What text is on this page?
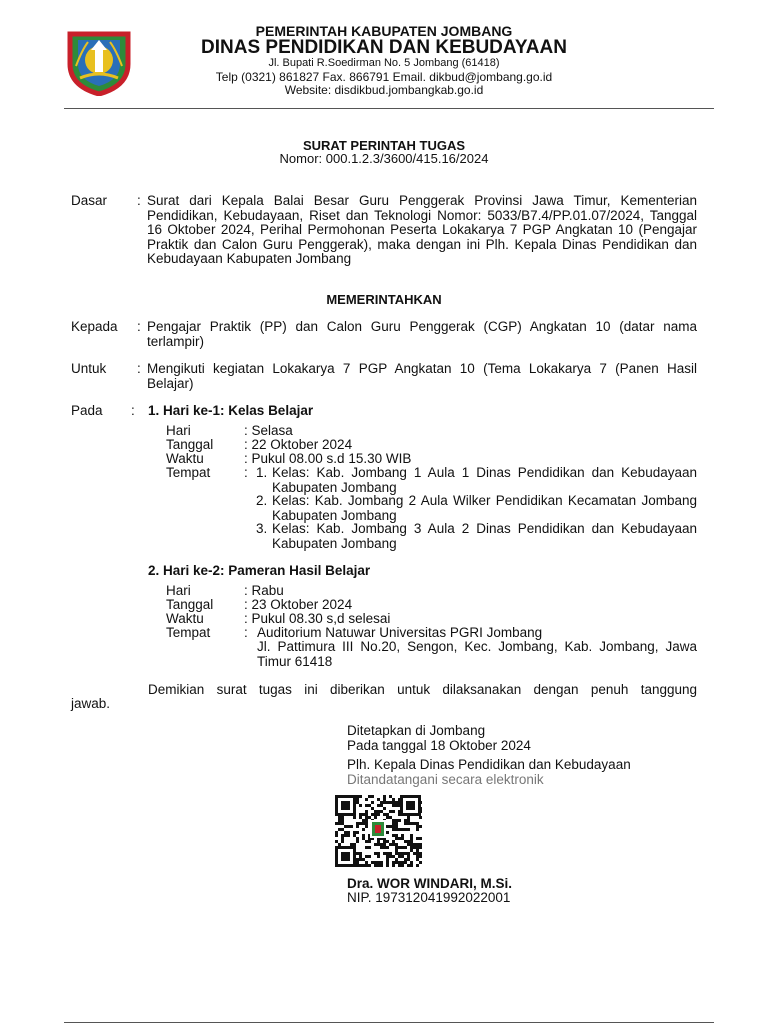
PEMERINTAH KABUPATEN JOMBANG
DINAS PENDIDIKAN DAN KEBUDAYAAN
Jl. Bupati R.Soedirman No. 5 Jombang (61418)
Telp (0321) 861827 Fax. 866791 Email. dikbud@jombang.go.id
Website: disdikbud.jombangkab.go.id
SURAT PERINTAH TUGAS
Nomor: 000.1.2.3/3600/415.16/2024
Dasar : Surat dari Kepala Balai Besar Guru Penggerak Provinsi Jawa Timur, Kementerian Pendidikan, Kebudayaan, Riset dan Teknologi Nomor: 5033/B7.4/PP.01.07/2024, Tanggal 16 Oktober 2024, Perihal Permohonan Peserta Lokakarya 7 PGP Angkatan 10 (Pengajar Praktik dan Calon Guru Penggerak), maka dengan ini Plh. Kepala Dinas Pendidikan dan Kebudayaan Kabupaten Jombang
MEMERINTAHKAN
Kepada : Pengajar Praktik (PP) dan Calon Guru Penggerak (CGP) Angkatan 10 (datar nama terlampir)
Untuk : Mengikuti kegiatan Lokakarya 7 PGP Angkatan 10 (Tema Lokakarya 7 (Panen Hasil Belajar)
Pada : 1. Hari ke-1: Kelas Belajar
Hari	: Selasa
Tanggal : 22 Oktober 2024
Waktu	: Pukul 08.00 s.d 15.30 WIB
Tempat : 1. Kelas: Kab. Jombang 1 Aula 1 Dinas Pendidikan dan Kebudayaan Kabupaten Jombang
2. Kelas: Kab. Jombang 2 Aula Wilker Pendidikan Kecamatan Jombang Kabupaten Jombang
3. Kelas: Kab. Jombang 3 Aula 2 Dinas Pendidikan dan Kebudayaan Kabupaten Jombang
2. Hari ke-2: Pameran Hasil Belajar
Hari	: Rabu
Tanggal : 23 Oktober 2024
Waktu	: Pukul 08.30 s,d selesai
Tempat : Auditorium Natuwar Universitas PGRI Jombang
Jl. Pattimura III No.20, Sengon, Kec. Jombang, Kab. Jombang, Jawa Timur 61418
Demikian surat tugas ini diberikan untuk dilaksanakan dengan penuh tanggung
jawab.
Ditetapkan di Jombang
Pada tanggal 18 Oktober 2024
Plh. Kepala Dinas Pendidikan dan Kebudayaan
Ditandatangani secara elektronik
Dra. WOR WINDARI, M.Si.
NIP. 197312041992022001
